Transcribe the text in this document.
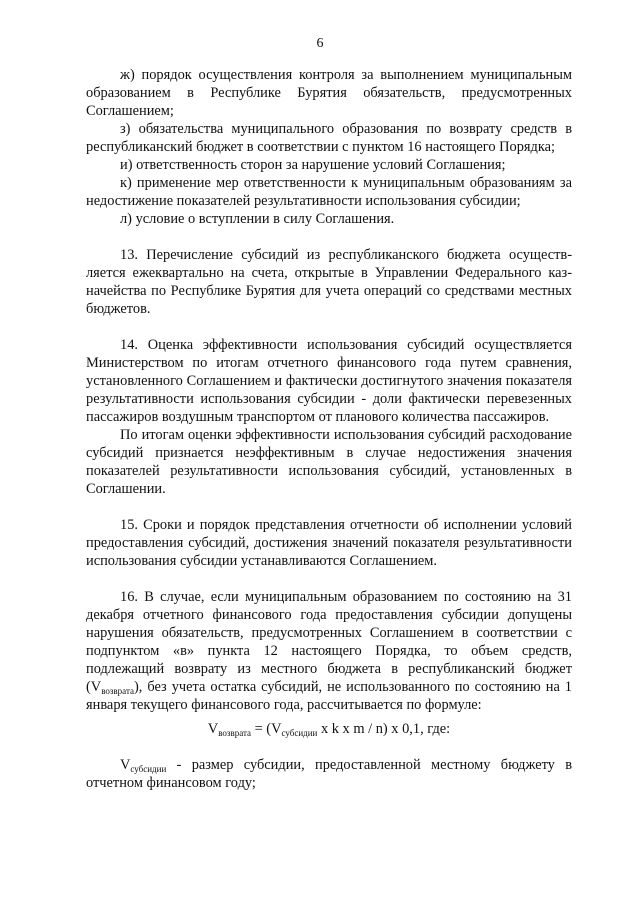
6

ж) порядок осуществления контроля за выполнением муниципальным образованием в Республике Бурятия обязательств, предусмотренных Соглашением;

з) обязательства муниципального образования по возврату средств в республиканский бюджет в соответствии с пунктом 16 настоящего Порядка;

и) ответственность сторон за нарушение условий Соглашения;

к) применение мер ответственности к муниципальным образованиям за недостижение показателей результативности использования субсидии;

л) условие о вступлении в силу Соглашения.

13. Перечисление субсидий из республиканского бюджета осуществляется ежеквартально на счета, открытые в Управлении Федерального казначейства по Республике Бурятия для учета операций со средствами местных бюджетов.

14. Оценка эффективности использования субсидий осуществляется Министерством по итогам отчетного финансового года путем сравнения, установленного Соглашением и фактически достигнутого значения показателя результативности использования субсидии - доли фактически перевезенных пассажиров воздушным транспортом от планового количества пассажиров.

По итогам оценки эффективности использования субсидий расходование субсидий признается неэффективным в случае недостижения значения показателей результативности использования субсидий, установленных в Соглашении.

15. Сроки и порядок представления отчетности об исполнении условий предоставления субсидий, достижения значений показателя результативности использования субсидии устанавливаются Соглашением.

16. В случае, если муниципальным образованием по состоянию на 31 декабря отчетного финансового года предоставления субсидии допущены нарушения обязательств, предусмотренных Соглашением в соответствии с подпунктом «в» пункта 12 настоящего Порядка, то объем средств, подлежащий возврату из местного бюджета в республиканский бюджет $(V_{возврата})$, без учета остатка субсидий, не использованного по состоянию на 1 января текущего финансового года, рассчитывается по формуле:

$V_{возврата} = (V_{субсидии}$ x k x m / n) x 0,1, где:

$V_{субсидии}$ - размер субсидии, предоставленной местному бюджету в отчетном финансовом году;
